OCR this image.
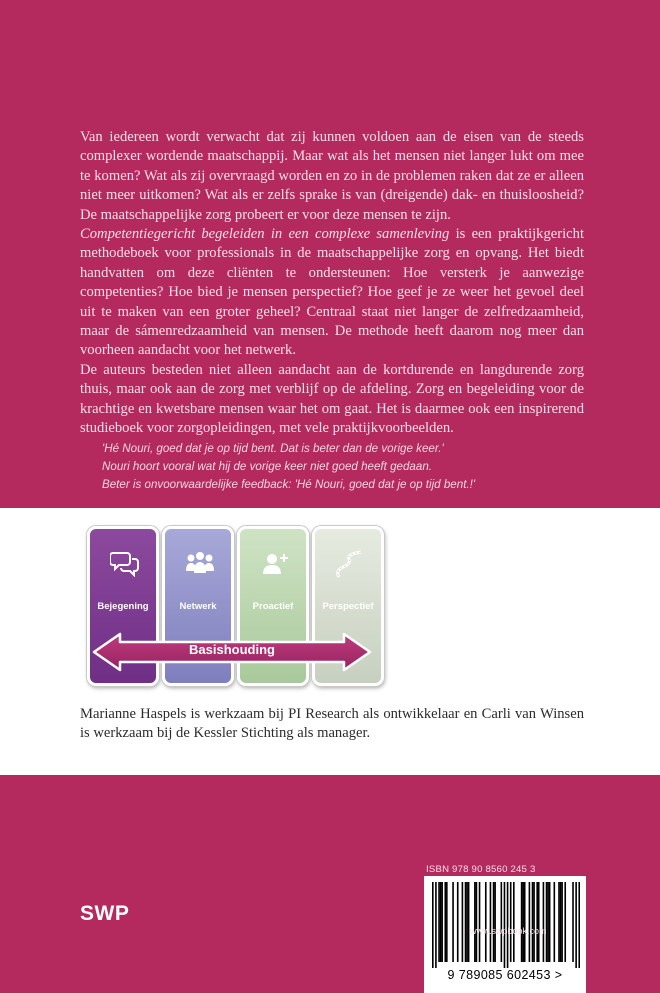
Van iedereen wordt verwacht dat zij kunnen voldoen aan de eisen van de steeds complexer wordende maatschappij. Maar wat als het mensen niet langer lukt om mee te komen? Wat als zij overvraagd worden en zo in de problemen raken dat ze er alleen niet meer uitkomen? Wat als er zelfs sprake is van (dreigende) dak- en thuisloosheid? De maatschappelijke zorg probeert er voor deze mensen te zijn.

Competentiegericht begeleiden in een complexe samenleving is een praktijkgericht methodeboek voor professionals in de maatschappelijke zorg en opvang. Het biedt handvatten om deze cliënten te ondersteunen: Hoe versterk je aanwezige competenties? Hoe bied je mensen perspectief? Hoe geef je ze weer het gevoel deel uit te maken van een groter geheel? Centraal staat niet langer de zelfredzaamheid, maar de sámenredzaamheid van mensen. De methode heeft daarom nog meer dan voorheen aandacht voor het netwerk.

De auteurs besteden niet alleen aandacht aan de kortdurende en langdurende zorg thuis, maar ook aan de zorg met verblijf op de afdeling. Zorg en begeleiding voor de krachtige en kwetsbare mensen waar het om gaat. Het is daarmee ook een inspirerend studieboek voor zorgopleidingen, met vele praktijkvoorbeelden.

'Hé Nouri, goed dat je op tijd bent. Dat is beter dan de vorige keer.'
Nouri hoort vooral wat hij de vorige keer niet goed heeft gedaan.
Beter is onvoorwaardelijke feedback: 'Hé Nouri, goed dat je op tijd bent.!'
Bejegening	Netwerk	Proactief	Perspectief
Basishouding
Marianne Haspels is werkzaam bij PI Research als ontwikkelaar en Carli van Winsen is werkzaam bij de Kessler Stichting als manager.
ISBN 978 90 8560 245 3
9 789085 602453 >
SWP
www.swpbook.com
